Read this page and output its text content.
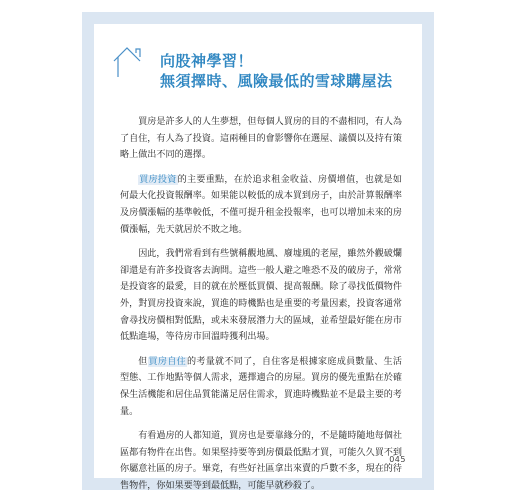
向股神學習！
無須擇時、風險最低的雪球購屋法

買房是許多人的人生夢想，但每個人買房的目的不盡相同，有人為了自住，有人為了投資。這兩種目的會影響你在選屋、議價以及持有策略上做出不同的選擇。

買房投資的主要重點，在於追求租金收益、房價增值，也就是如何最大化投資報酬率。如果能以較低的成本買到房子，由於計算報酬率及房價漲幅的基準較低，不僅可提升租金投報率，也可以增加未來的房價漲幅，先天就居於不敗之地。

因此，我們常看到有些號稱觀地風、廢墟風的老屋，雖然外觀破爛卻還是有許多投資客去詢問。這些一般人避之唯恐不及的破房子，常常是投資客的最愛，目的就在於壓低買價、提高報酬。除了尋找低價物件外，對買房投資來說，買進的時機點也是重要的考量因素，投資客通常會尋找房價相對低點，或未來發展潛力大的區域，並希望最好能在房市低點進場，等待房市回溫時獲利出場。

但買房自住的考量就不同了，自住客是根據家庭成員數量、生活型態、工作地點等個人需求，選擇適合的房屋。買房的優先重點在於確保生活機能和居住品質能滿足居住需求，買進時機點並不是最主要的考量。

有看過房的人都知道，買房也是要靠緣分的，不是隨時隨地每個社區都有物件在出售。如果堅持要等到房價最低點才買，可能久久買不到你屬意社區的房子。畢竟，有些好社區拿出來賣的戶數不多，現在的待售物件，你如果要等到最低點，可能早就秒殺了。

045
